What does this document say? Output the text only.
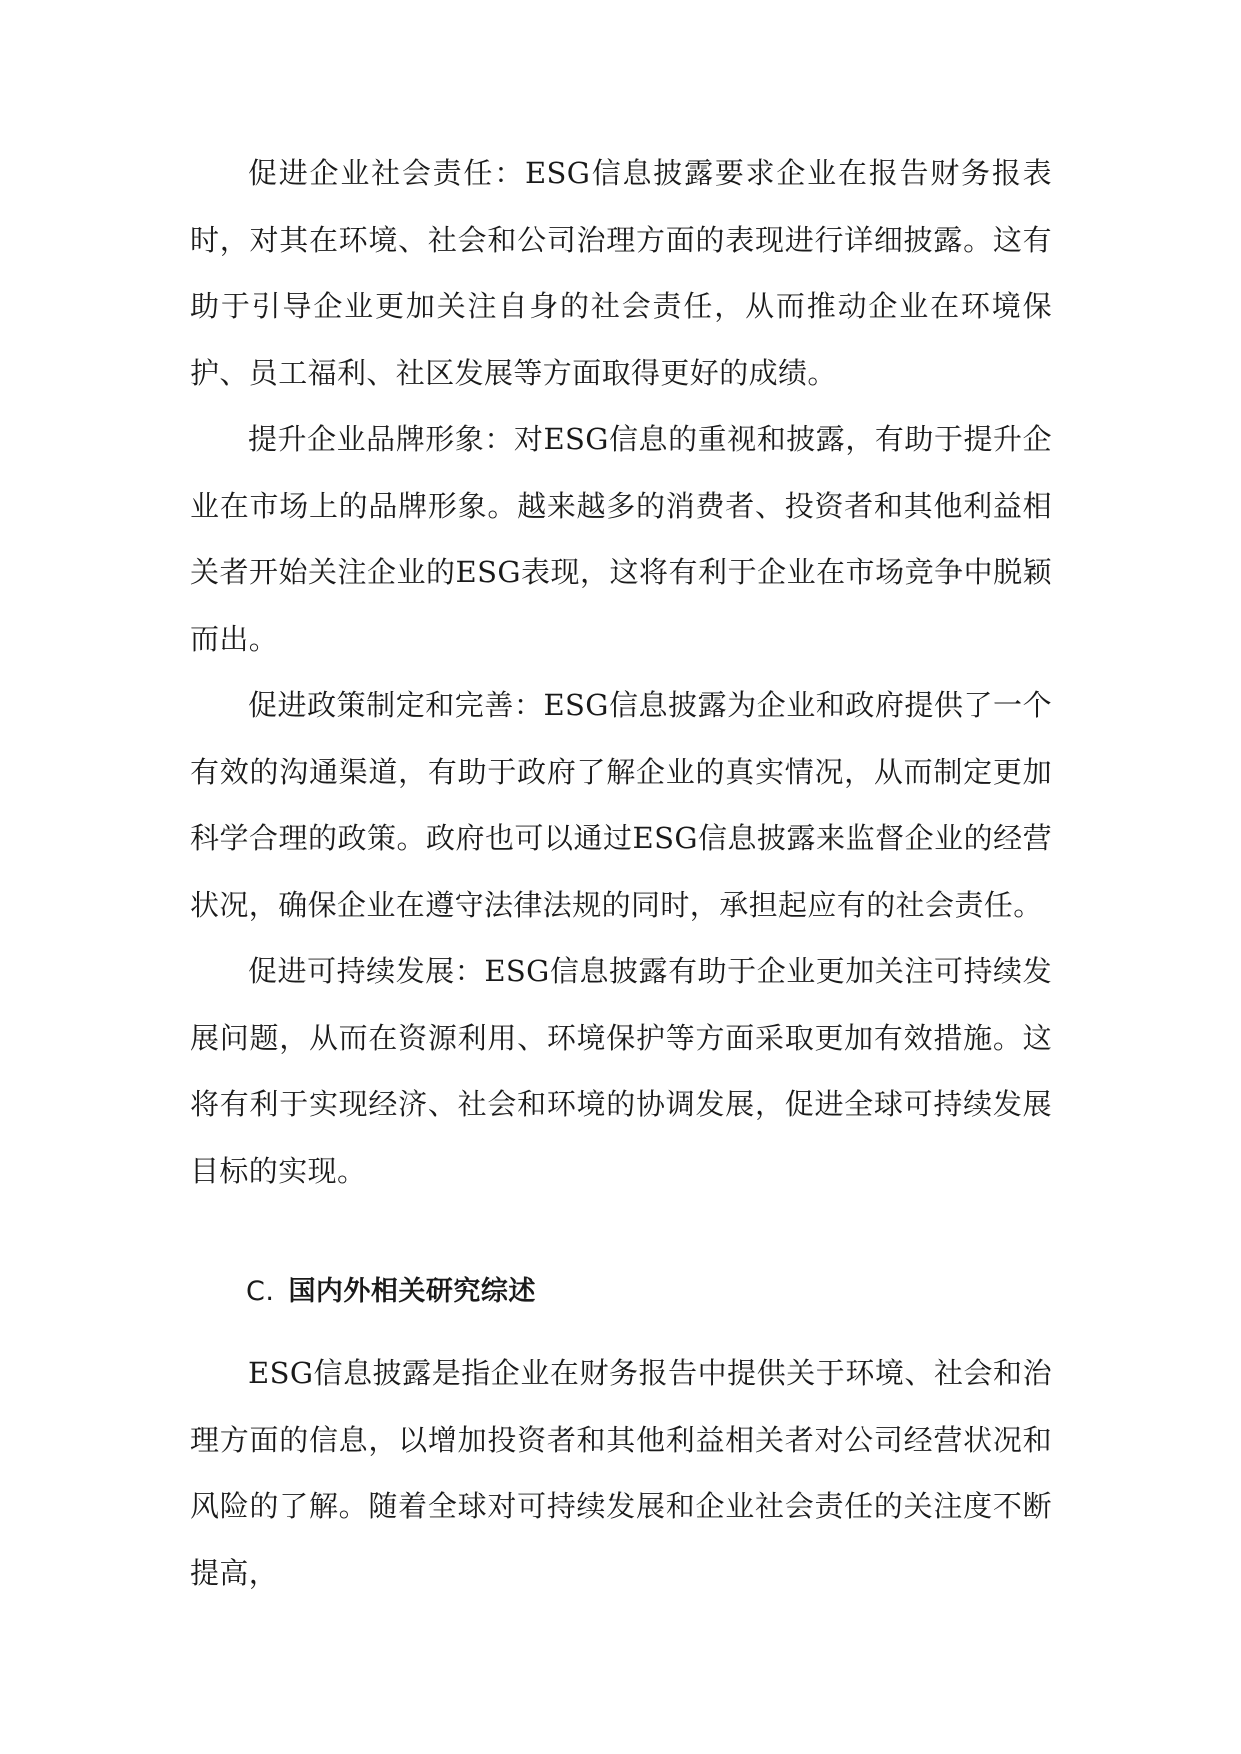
促进企业社会责任：ESG信息披露要求企业在报告财务报表时，对其在环境、社会和公司治理方面的表现进行详细披露。这有助于引导企业更加关注自身的社会责任，从而推动企业在环境保护、员工福利、社区发展等方面取得更好的成绩。

提升企业品牌形象：对ESG信息的重视和披露，有助于提升企业在市场上的品牌形象。越来越多的消费者、投资者和其他利益相关者开始关注企业的ESG表现，这将有利于企业在市场竞争中脱颖而出。

促进政策制定和完善：ESG信息披露为企业和政府提供了一个有效的沟通渠道，有助于政府了解企业的真实情况，从而制定更加科学合理的政策。政府也可以通过ESG信息披露来监督企业的经营状况，确保企业在遵守法律法规的同时，承担起应有的社会责任。

促进可持续发展：ESG信息披露有助于企业更加关注可持续发展问题，从而在资源利用、环境保护等方面采取更加有效措施。这将有利于实现经济、社会和环境的协调发展，促进全球可持续发展目标的实现。

C. 国内外相关研究综述

ESG信息披露是指企业在财务报告中提供关于环境、社会和治理方面的信息，以增加投资者和其他利益相关者对公司经营状况和风险的了解。随着全球对可持续发展和企业社会责任的关注度不断提高，
